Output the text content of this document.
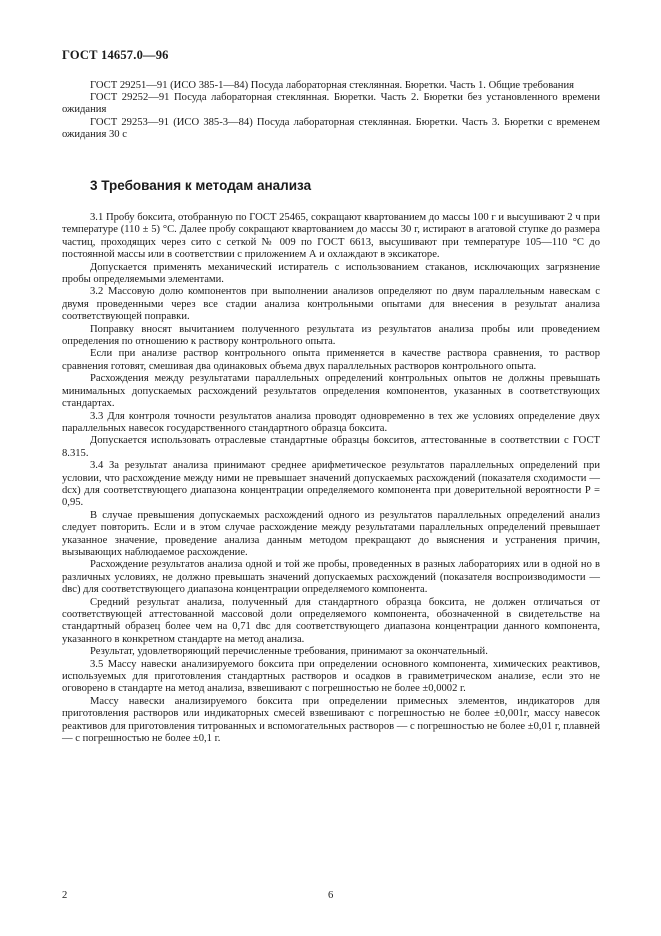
ГОСТ 14657.0—96

ГОСТ 29251—91 (ИСО 385-1—84) Посуда лабораторная стеклянная. Бюретки. Часть 1. Общие требования

ГОСТ 29252—91 Посуда лабораторная стеклянная. Бюретки. Часть 2. Бюретки без установленного времени ожидания

ГОСТ 29253—91 (ИСО 385-3—84) Посуда лабораторная стеклянная. Бюретки. Часть 3. Бюретки с временем ожидания 30 с

3 Требования к методам анализа

3.1 Пробу боксита, отобранную по ГОСТ 25465, сокращают квартованием до массы 100 г и высушивают 2 ч при температуре (110 ± 5) °С. Далее пробу сокращают квартованием до массы 30 г, истирают в агатовой ступке до размера частиц, проходящих через сито с сеткой № 009 по ГОСТ 6613, высушивают при температуре 105—110 °С до постоянной массы или в соответствии с приложением А и охлаждают в эксикаторе.

Допускается применять механический истиратель с использованием стаканов, исключающих загрязнение пробы определяемыми элементами.

3.2 Массовую долю компонентов при выполнении анализов определяют по двум параллельным навескам с двумя проведенными через все стадии анализа контрольными опытами для внесения в результат анализа соответствующей поправки.

Поправку вносят вычитанием полученного результата из результатов анализа пробы или проведением определения по отношению к раствору контрольного опыта.

Если при анализе раствор контрольного опыта применяется в качестве раствора сравнения, то раствор сравнения готовят, смешивая два одинаковых объема двух параллельных растворов контрольного опыта.

Расхождения между результатами параллельных определений контрольных опытов не должны превышать минимальных допускаемых расхождений результатов определения компонентов, указанных в соответствующих стандартах.

3.3 Для контроля точности результатов анализа проводят одновременно в тех же условиях определение двух параллельных навесок государственного стандартного образца боксита.

Допускается использовать отраслевые стандартные образцы бокситов, аттестованные в соответствии с ГОСТ 8.315.

3.4 За результат анализа принимают среднее арифметическое результатов параллельных определений при условии, что расхождение между ними не превышает значений допускаемых расхождений (показателя сходимости — dсх) для соответствующего диапазона концентрации определяемого компонента при доверительной вероятности P = 0,95.

В случае превышения допускаемых расхождений одного из результатов параллельных определений анализ следует повторить. Если и в этом случае расхождение между результатами параллельных определений превышает указанное значение, проведение анализа данным методом прекращают до выяснения и устранения причин, вызывающих наблюдаемое расхождение.

Расхождение результатов анализа одной и той же пробы, проведенных в разных лабораториях или в одной но в различных условиях, не должно превышать значений допускаемых расхождений (показателя воспроизводимости — dвс) для соответствующего диапазона концентрации определяемого компонента.

Средний результат анализа, полученный для стандартного образца боксита, не должен отличаться от соответствующей аттестованной массовой доли определяемого компонента, обозначенной в свидетельстве на стандартный образец более чем на 0,71 dвс для соответствующего диапазона концентрации данного компонента, указанного в конкретном стандарте на метод анализа.

Результат, удовлетворяющий перечисленные требования, принимают за окончательный.

3.5 Массу навески анализируемого боксита при определении основного компонента, химических реактивов, используемых для приготовления стандартных растворов и осадков в гравиметрическом анализе, если это не оговорено в стандарте на метод анализа, взвешивают с погрешностью не более ±0,0002 г.

Массу навески анализируемого боксита при определении примесных элементов, индикаторов для приготовления растворов или индикаторных смесей взвешивают с погрешностью не более ±0,001г, массу навесок реактивов для приготовления титрованных и вспомогательных растворов — с погрешностью не более ±0,01 г, плавней — с погрешностью не более ±0,1 г.

2	6
